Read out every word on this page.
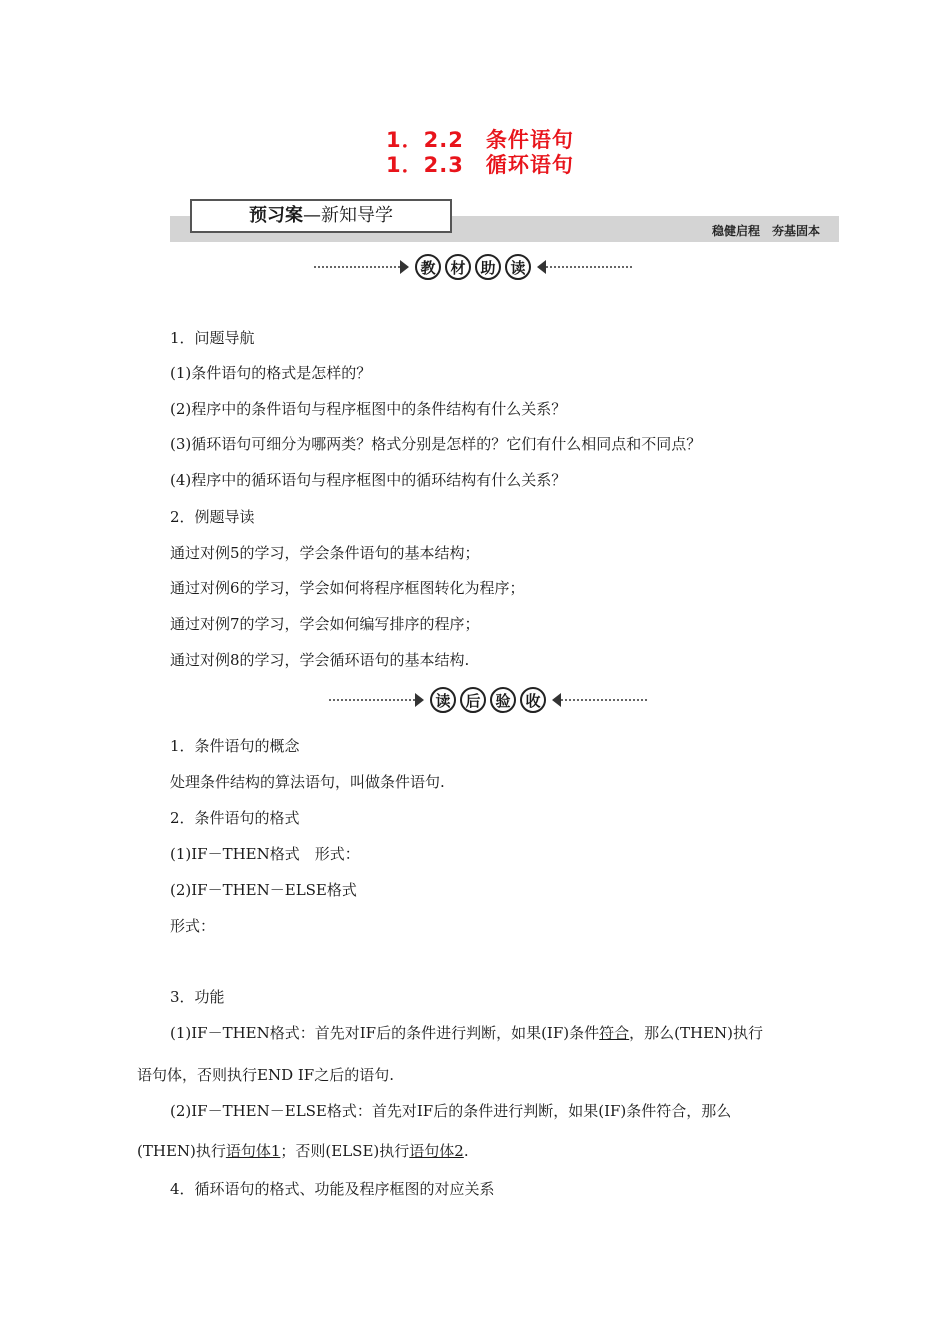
1．2.2　条件语句
1．2.3　循环语句
预习案—新知导学
稳健启程　夯基固本
教 材 助 读
1．问题导航
(1)条件语句的格式是怎样的？
(2)程序中的条件语句与程序框图中的条件结构有什么关系？
(3)循环语句可细分为哪两类？格式分别是怎样的？它们有什么相同点和不同点？
(4)程序中的循环语句与程序框图中的循环结构有什么关系？
2．例题导读
通过对例5的学习，学会条件语句的基本结构；
通过对例6的学习，学会如何将程序框图转化为程序；
通过对例7的学习，学会如何编写排序的程序；
通过对例8的学习，学会循环语句的基本结构.
读 后 验 收
1．条件语句的概念
处理条件结构的算法语句，叫做条件语句.
2．条件语句的格式
(1)IF－THEN格式　形式：
(2)IF－THEN－ELSE格式
形式：
3．功能
(1)IF－THEN格式：首先对IF后的条件进行判断，如果(IF)条件符合，那么(THEN)执行
语句体，否则执行END IF之后的语句.
(2)IF－THEN－ELSE格式：首先对IF后的条件进行判断，如果(IF)条件符合，那么
(THEN)执行语句体1；否则(ELSE)执行语句体2.
4．循环语句的格式、功能及程序框图的对应关系
